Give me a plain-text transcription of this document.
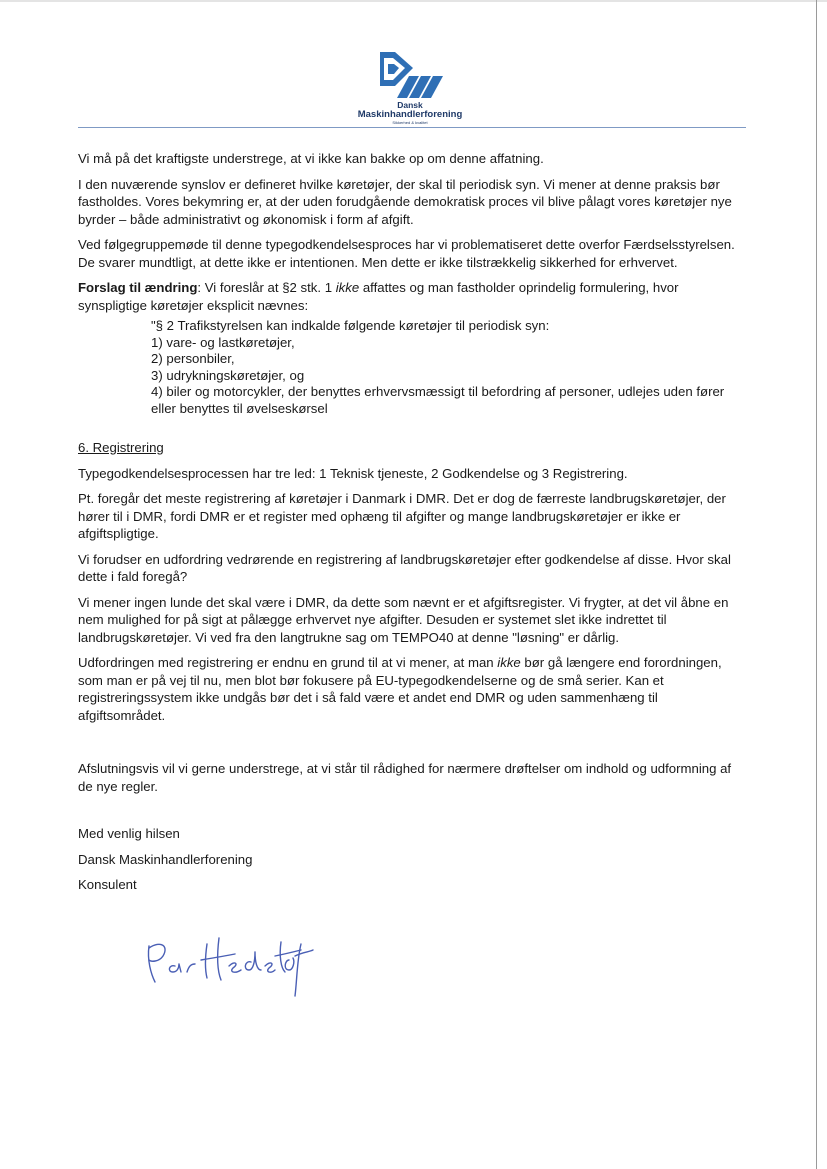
Dansk
Maskinhandlerforening
Sikkerhed & kvalitet

Vi må på det kraftigste understrege, at vi ikke kan bakke op om denne affatning.

I den nuværende synslov er defineret hvilke køretøjer, der skal til periodisk syn. Vi mener at denne praksis bør fastholdes. Vores bekymring er, at der uden forudgående demokratisk proces vil blive pålagt vores køretøjer nye byrder – både administrativt og økonomisk i form af afgift.

Ved følgegruppemøde til denne typegodkendelsesproces har vi problematiseret dette overfor Færdselsstyrelsen. De svarer mundtligt, at dette ikke er intentionen. Men dette er ikke tilstrækkelig sikkerhed for erhvervet.

Forslag til ændring: Vi foreslår at §2 stk. 1 ikke affattes og man fastholder oprindelig formulering, hvor synspligtige køretøjer eksplicit nævnes:

"§ 2 Trafikstyrelsen kan indkalde følgende køretøjer til periodisk syn:
1) vare- og lastkøretøjer,
2) personbiler,
3) udrykningskøretøjer, og
4) biler og motorcykler, der benyttes erhvervsmæssigt til befordring af personer, udlejes uden fører eller benyttes til øvelseskørsel

6. Registrering

Typegodkendelsesprocessen har tre led: 1 Teknisk tjeneste, 2 Godkendelse og 3 Registrering.

Pt. foregår det meste registrering af køretøjer i Danmark i DMR. Det er dog de færreste landbrugskøretøjer, der hører til i DMR, fordi DMR er et register med ophæng til afgifter og mange landbrugskøretøjer er ikke er afgiftspligtige.

Vi forudser en udfordring vedrørende en registrering af landbrugskøretøjer efter godkendelse af disse. Hvor skal dette i fald foregå?

Vi mener ingen lunde det skal være i DMR, da dette som nævnt er et afgiftsregister. Vi frygter, at det vil åbne en nem mulighed for på sigt at pålægge erhvervet nye afgifter. Desuden er systemet slet ikke indrettet til landbrugskøretøjer. Vi ved fra den langtrukne sag om TEMPO40 at denne "løsning" er dårlig.

Udfordringen med registrering er endnu en grund til at vi mener, at man ikke bør gå længere end forordningen, som man er på vej til nu, men blot bør fokusere på EU-typegodkendelserne og de små serier. Kan et registreringssystem ikke undgås bør det i så fald være et andet end DMR og uden sammenhæng til afgiftsområdet.

Afslutningsvis vil vi gerne understrege, at vi står til rådighed for nærmere drøftelser om indhold og udformning af de nye regler.

Med venlig hilsen

Dansk Maskinhandlerforening

Konsulent
